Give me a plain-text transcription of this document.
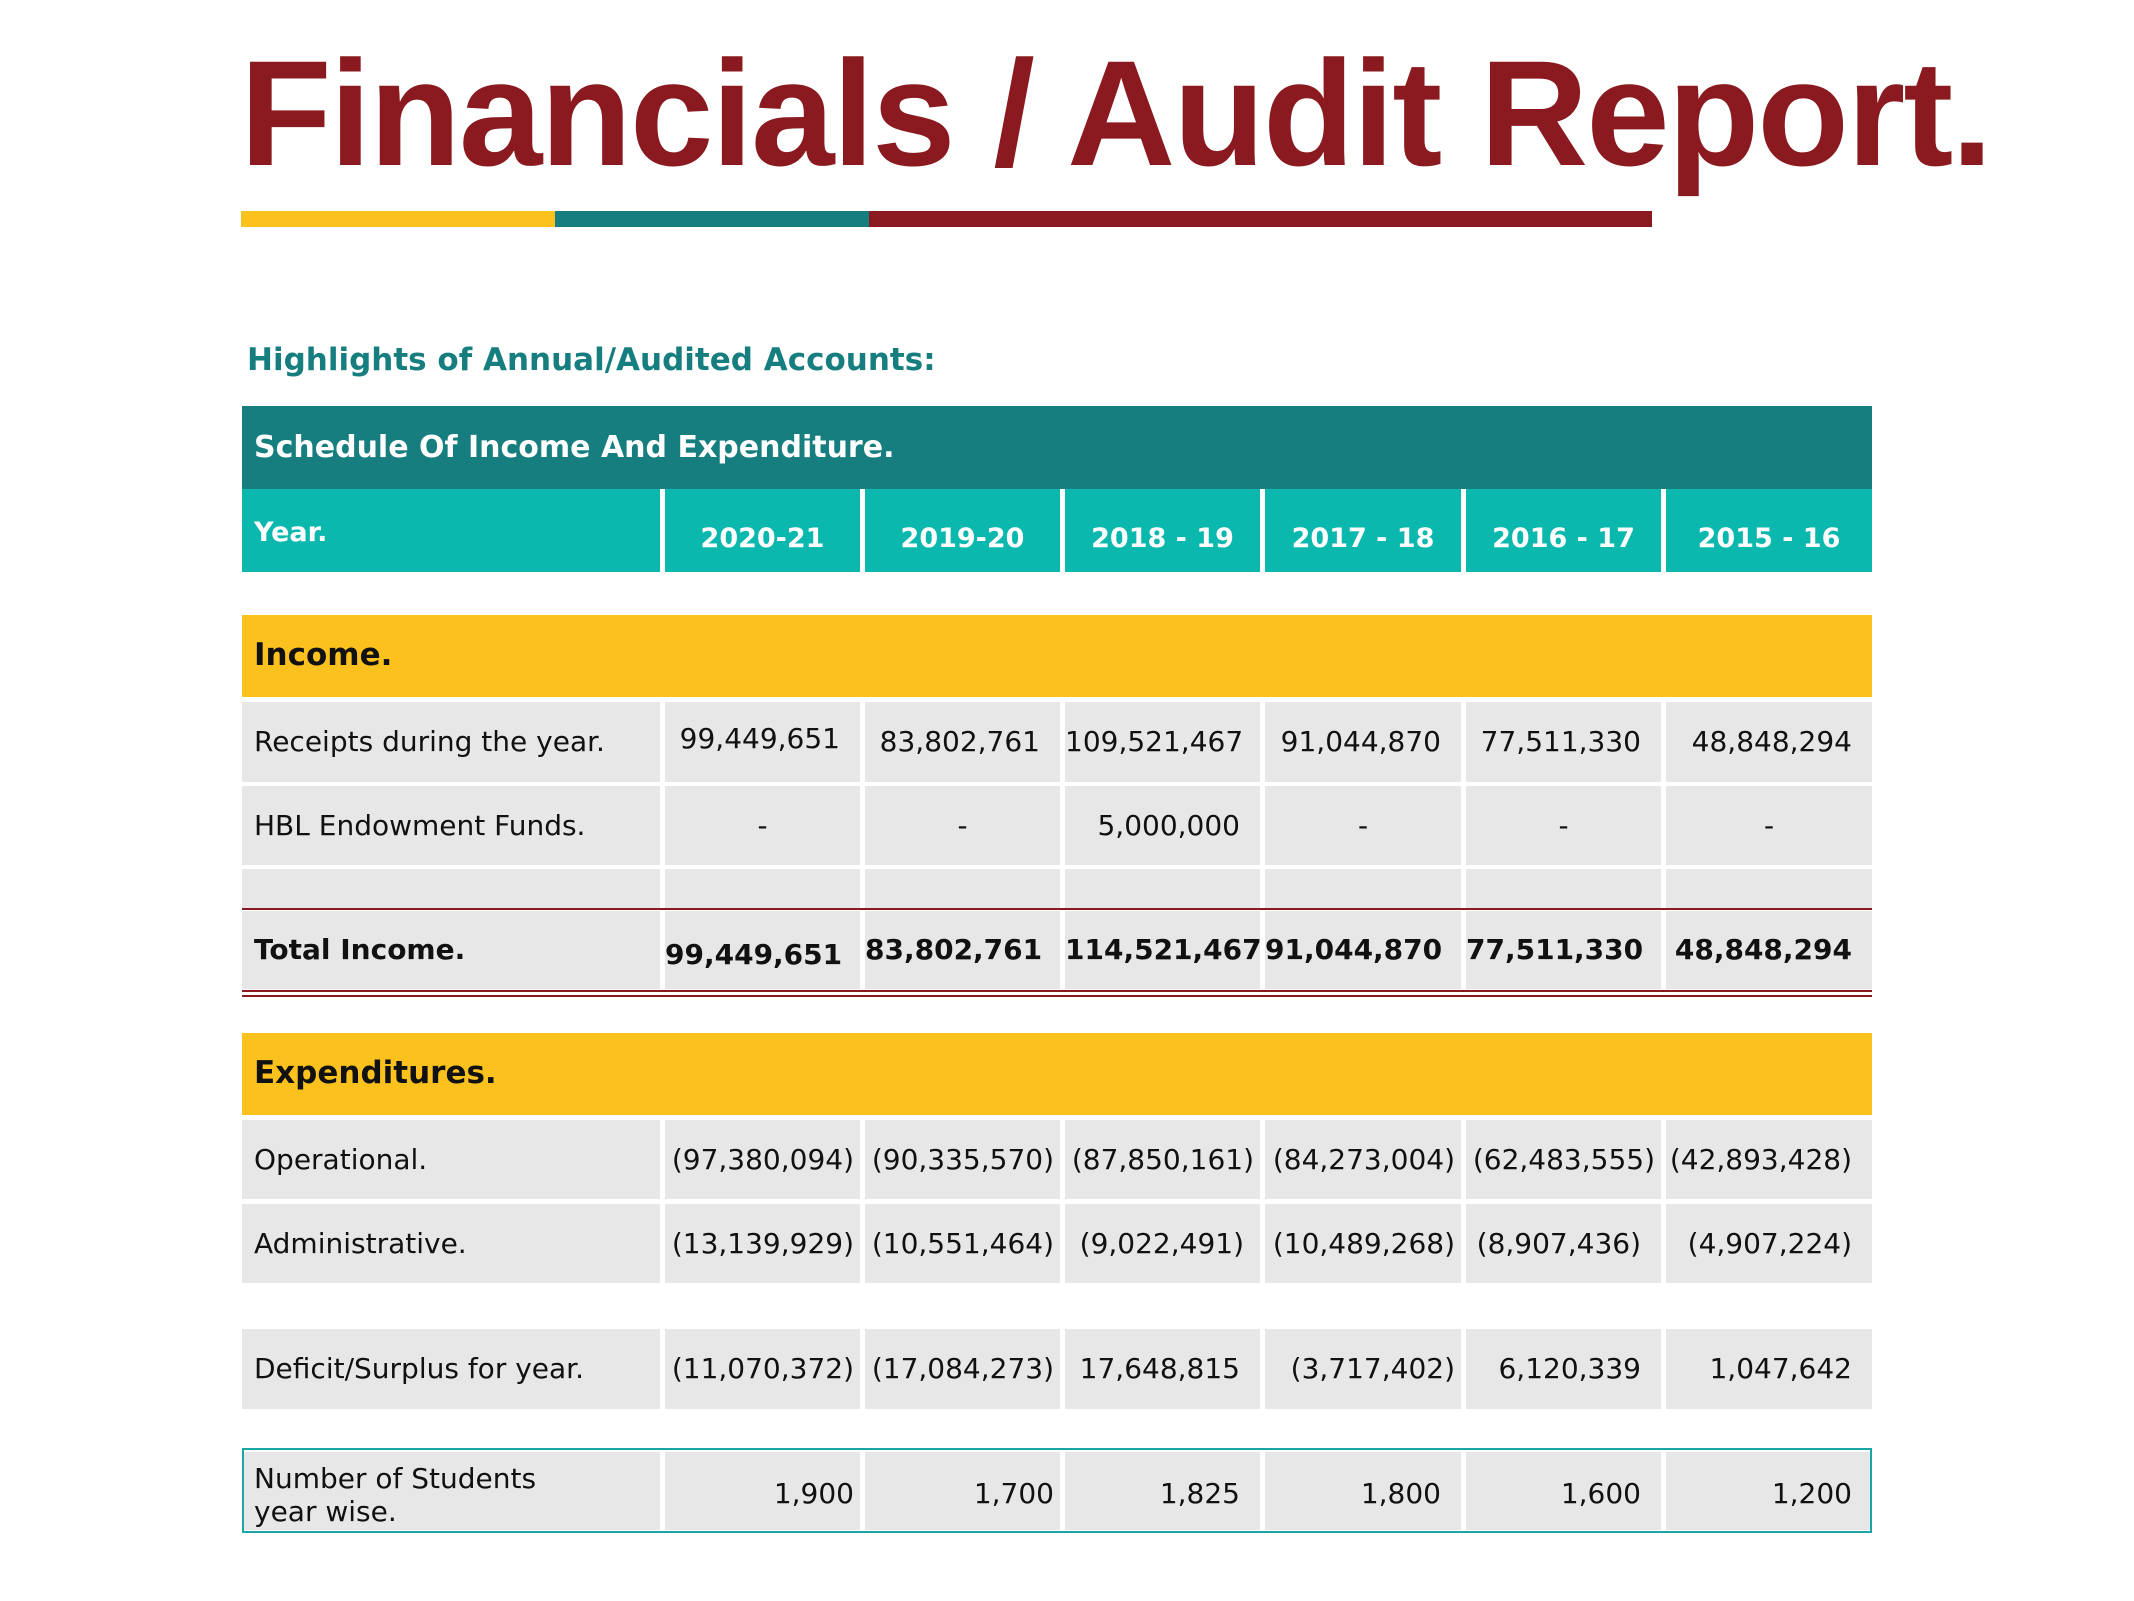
Financials / Audit Report.
Highlights of Annual/Audited Accounts:
Schedule Of Income And Expenditure.
Year.	2020-21	2019-20	2018 - 19	2017 - 18	2016 - 17	2015 - 16
Income.
Receipts during the year.	99,449,651	83,802,761 109,521,467	91,044,870	77,511,330	48,848,294
HBL Endowment Funds.	-	-	5,000,000	-	-	-
Total Income.	99,449,651 83,802,761 114,521,467 91,044,870 77,511,330	48,848,294
Expenditures.
Operational.	(97,380,094) (90,335,570) (87,850,161) (84,273,004) (62,483,555) (42,893,428)
Administrative.	(13,139,929) (10,551,464) (9,022,491)	(10,489,268) (8,907,436)	(4,907,224)
Deficit/Surplus for year.	(11,070,372) (17,084,273) 17,648,815	(3,717,402)	6,120,339	1,047,642
Number of Students
year wise.
1,900	1,700	1,825	1,800	1,600	1,200
